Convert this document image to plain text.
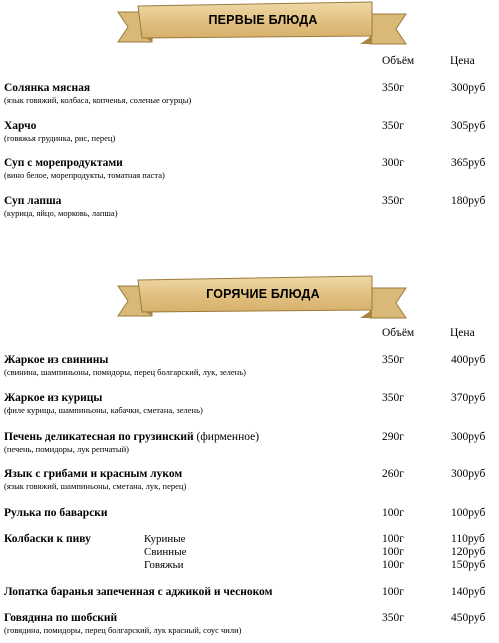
ПЕРВЫЕ БЛЮДА
Объём	Цена
Солянка мясная
(язык говяжий, колбаса, копченья, соленые огурцы)
350г	300руб
Харчо
(говяжья грудинка, рис, перец)
350г	305руб
Суп с морепродуктами
(вино белое, морепродукты, томатная паста)
300г	365руб
Суп лапша
(курица, яйцо, морковь, лапша)
350г	180руб
ГОРЯЧИЕ БЛЮДА
Объём	Цена
Жаркое из свинины
(свинина, шампиньоны, помидоры, перец болгарский, лук, зелень)
350г	400руб
Жаркое из курицы
(филе курицы, шампиньоны, кабачки, сметана, зелень)
350г	370руб
Печень деликатесная по грузинский (фирменное)
(печень, помидоры, лук репчатый)
290г	300руб
Язык с грибами и красным луком
(язык говяжий, шампиньоны, сметана, лук, перец)
260г	300руб
Рулька по баварски	100г	100руб
Колбаски к пиву	Куриные	100г	110руб
Свинные	100г	120руб
Говяжьи	100г	150руб
Лопатка баранья запеченная с аджикой и чесноком	100г	140руб
Говядина по шобский
(говядина, помидоры, перец болгарский, лук красный, соус чили)
350г	450руб
